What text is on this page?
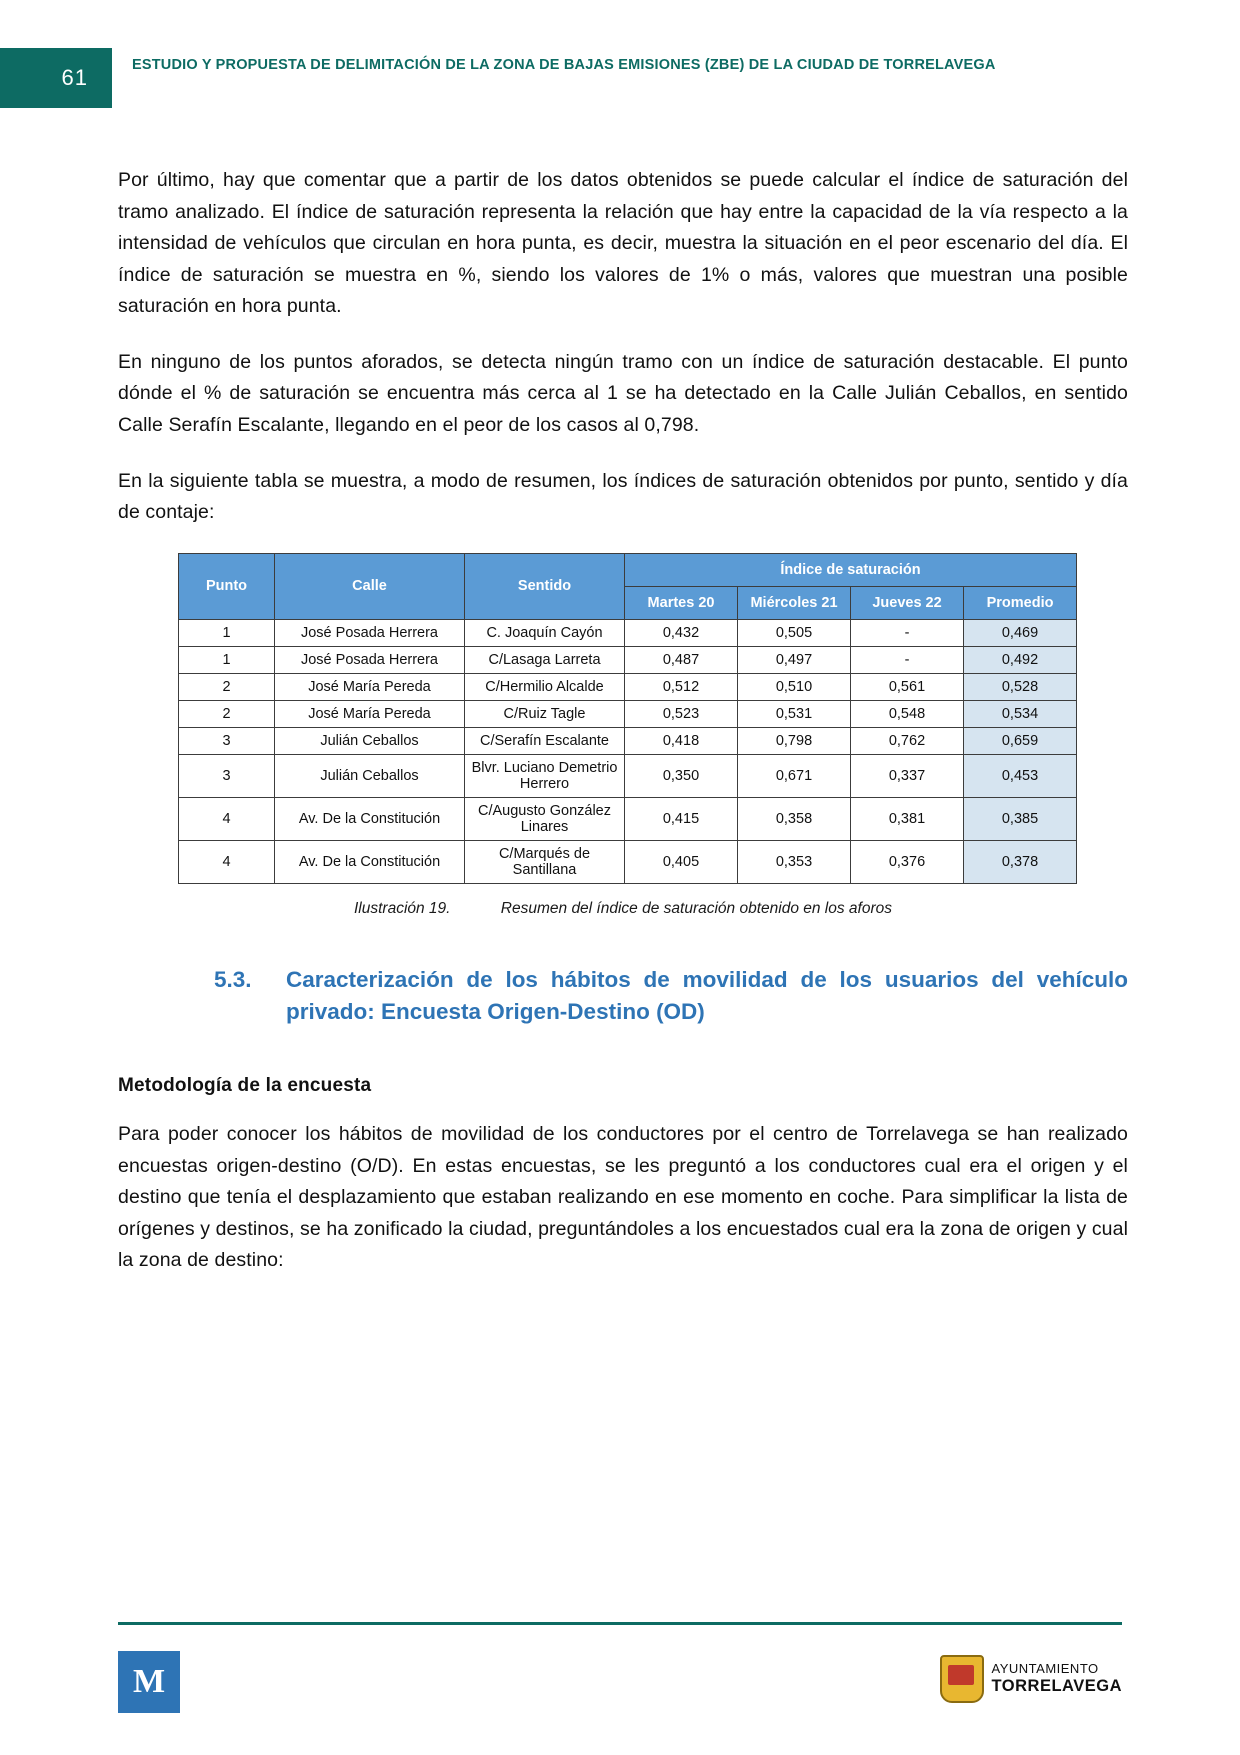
61	ESTUDIO Y PROPUESTA DE DELIMITACIÓN DE LA ZONA DE BAJAS EMISIONES (ZBE) DE LA CIUDAD DE TORRELAVEGA

Por último, hay que comentar que a partir de los datos obtenidos se puede calcular el índice de saturación del tramo analizado. El índice de saturación representa la relación que hay entre la capacidad de la vía respecto a la intensidad de vehículos que circulan en hora punta, es decir, muestra la situación en el peor escenario del día. El índice de saturación se muestra en %, siendo los valores de 1% o más, valores que muestran una posible saturación en hora punta.

En ninguno de los puntos aforados, se detecta ningún tramo con un índice de saturación destacable. El punto dónde el % de saturación se encuentra más cerca al 1 se ha detectado en la Calle Julián Ceballos, en sentido Calle Serafín Escalante, llegando en el peor de los casos al 0,798.

En la siguiente tabla se muestra, a modo de resumen, los índices de saturación obtenidos por punto, sentido y día de contaje:

Punto	Calle	Sentido	Índice de saturación			
			Martes 20	Miércoles 21	Jueves 22	Promedio
1	José Posada Herrera	C. Joaquín Cayón	0,432	0,505	-	0,469
1	José Posada Herrera	C/Lasaga Larreta	0,487	0,497	-	0,492
2	José María Pereda	C/Hermilio Alcalde	0,512	0,510	0,561	0,528
2	José María Pereda	C/Ruiz Tagle	0,523	0,531	0,548	0,534
3	Julián Ceballos	C/Serafín Escalante	0,418	0,798	0,762	0,659
3	Julián Ceballos	Blvr. Luciano Demetrio Herrero	0,350	0,671	0,337	0,453
4	Av. De la Constitución	C/Augusto González Linares	0,415	0,358	0,381	0,385
4	Av. De la Constitución	C/Marqués de Santillana	0,405	0,353	0,376	0,378
Ilustración 19.	Resumen del índice de saturación obtenido en los aforos
5.3.	Caracterización de los hábitos de movilidad de los usuarios del vehículo privado: Encuesta Origen-Destino (OD)
Metodología de la encuesta

Para poder conocer los hábitos de movilidad de los conductores por el centro de Torrelavega se han realizado encuestas origen-destino (O/D). En estas encuestas, se les preguntó a los conductores cual era el origen y el destino que tenía el desplazamiento que estaban realizando en ese momento en coche. Para simplificar la lista de orígenes y destinos, se ha zonificado la ciudad, preguntándoles a los encuestados cual era la zona de origen y cual la zona de destino:

M	AYUNTAMIENTO
TORRELAVEGA
